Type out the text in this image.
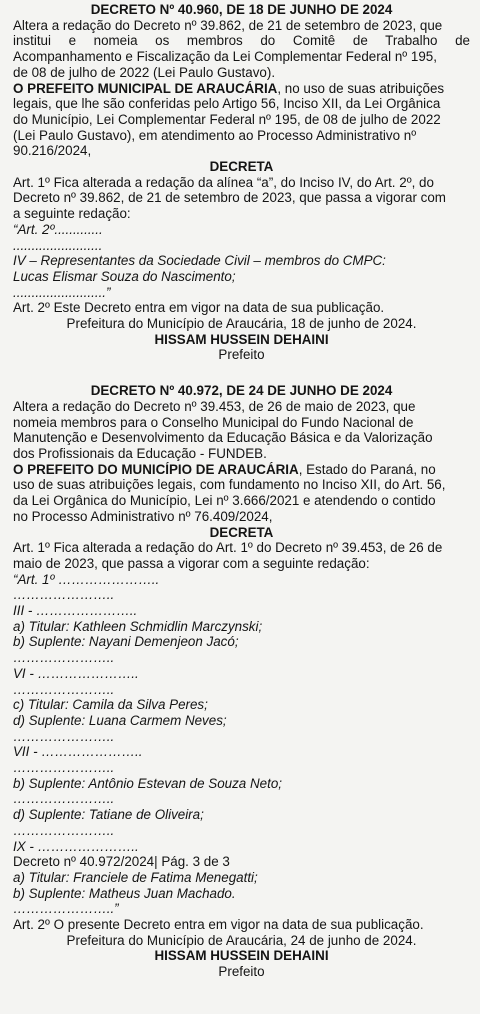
DECRETO Nº 40.960, DE 18 DE JUNHO DE 2024
Altera a redação do Decreto nº 39.862, de 21 de setembro de 2023, que
institui e nomeia os membros do Comitê de Trabalho de
Acompanhamento e Fiscalização da Lei Complementar Federal nº 195,
de 08 de julho de 2022 (Lei Paulo Gustavo).
O PREFEITO MUNICIPAL DE ARAUCÁRIA, no uso de suas atribuições
legais, que lhe são conferidas pelo Artigo 56, Inciso XII, da Lei Orgânica
do Município, Lei Complementar Federal nº 195, de 08 de julho de 2022
(Lei Paulo Gustavo), em atendimento ao Processo Administrativo nº
90.216/2024,
DECRETA
Art. 1º Fica alterada a redação da alínea “a”, do Inciso IV, do Art. 2º, do
Decreto nº 39.862, de 21 de setembro de 2023, que passa a vigorar com
a seguinte redação:
“Art. 2º.............
........................
IV – Representantes da Sociedade Civil – membros do CMPC:
Lucas Elismar Souza do Nascimento;
.........................”
Art. 2º Este Decreto entra em vigor na data de sua publicação.
Prefeitura do Município de Araucária, 18 de junho de 2024.
HISSAM HUSSEIN DEHAINI
Prefeito
DECRETO Nº 40.972, DE 24 DE JUNHO DE 2024
Altera a redação do Decreto nº 39.453, de 26 de maio de 2023, que
nomeia membros para o Conselho Municipal do Fundo Nacional de
Manutenção e Desenvolvimento da Educação Básica e da Valorização
dos Profissionais da Educação - FUNDEB.
O PREFEITO DO MUNICÍPIO DE ARAUCÁRIA, Estado do Paraná, no
uso de suas atribuições legais, com fundamento no Inciso XII, do Art. 56,
da Lei Orgânica do Município, Lei nº 3.666/2021 e atendendo o contido
no Processo Administrativo nº 76.409/2024,
DECRETA
Art. 1º Fica alterada a redação do Art. 1º do Decreto nº 39.453, de 26 de
maio de 2023, que passa a vigorar com a seguinte redação:
“Art. 1º …………………..
…………………..
III - …………………..
a) Titular: Kathleen Schmidlin Marczynski;
b) Suplente: Nayani Demenjeon Jacó;
…………………..
VI - …………………..
…………………..
c) Titular: Camila da Silva Peres;
d) Suplente: Luana Carmem Neves;
…………………..
VII - …………………..
…………………..
b) Suplente: Antônio Estevan de Souza Neto;
…………………..
d) Suplente: Tatiane de Oliveira;
…………………..
IX - …………………..
Decreto nº 40.972/2024| Pág. 3 de 3
a) Titular: Franciele de Fatima Menegatti;
b) Suplente: Matheus Juan Machado.
…………………..”
Art. 2º O presente Decreto entra em vigor na data de sua publicação.
Prefeitura do Município de Araucária, 24 de junho de 2024.
HISSAM HUSSEIN DEHAINI
Prefeito
